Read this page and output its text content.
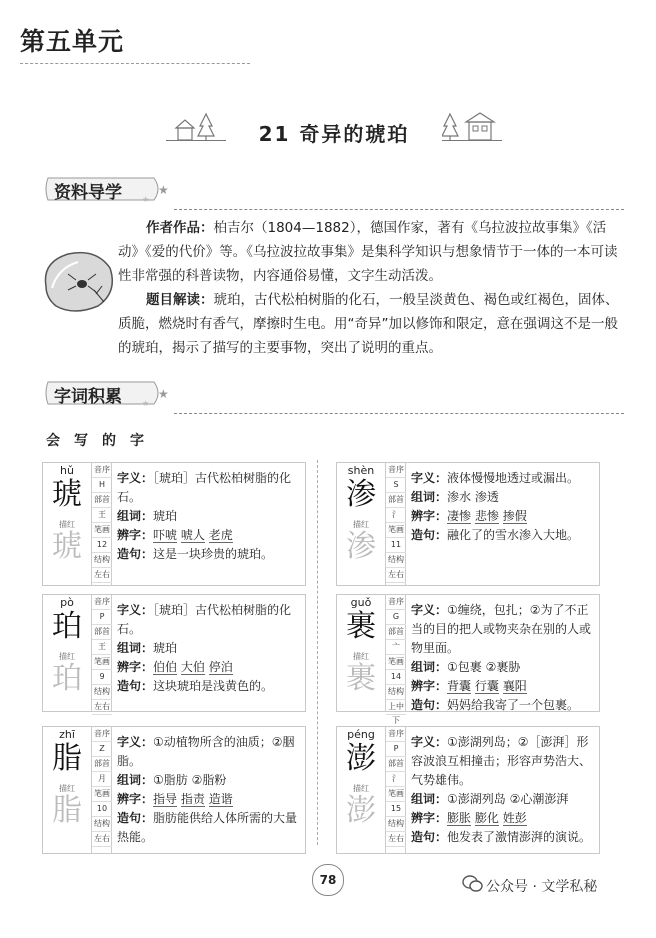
第五单元
21 奇异的琥珀
★
★
资料导学
作者作品：柏吉尔（1804—1882），德国作家，著有《乌拉波拉故事集》《活动》《爱的代价》等。《乌拉波拉故事集》是集科学知识与想象情节于一体的一本可读性非常强的科普读物，内容通俗易懂，文字生动活泼。
题目解读：琥珀，古代松柏树脂的化石，一般呈淡黄色、褐色或红褐色，固体、质脆，燃烧时有香气，摩擦时生电。用“奇异”加以修饰和限定，意在强调这不是一般的琥珀，揭示了描写的主要事物，突出了说明的重点。
★
★
字词积累
会写的字
hǔ
琥
描红
琥
音序
H
部首
王
笔画
12
结构
左右
字义：［琥珀］古代松柏树脂的化石。
组词：琥珀
辨字：吓唬 唬人 老虎
造句：这是一块珍贵的琥珀。
pò
珀
描红
珀
音序
P
部首
王
笔画
9
结构
左右
字义：［琥珀］古代松柏树脂的化石。
组词：琥珀
辨字：伯伯 大伯 停泊
造句：这块琥珀是浅黄色的。
zhī
脂
描红
脂
音序
Z
部首
月
笔画
10
结构
左右
字义：①动植物所含的油质；②胭脂。
组词：①脂肪 ②脂粉
辨字：指导 指责 造谐
造句：脂肪能供给人体所需的大量热能。
shèn
渗
描红
渗
音序
S
部首
氵
笔画
11
结构
左右
字义：液体慢慢地透过或漏出。
组词：渗水 渗透
辨字：凄惨 悲惨 掺假
造句：融化了的雪水渗入大地。
guǒ
裹
描红
裹
音序
G
部首
亠
笔画
14
结构
上中下
字义：①缠绕，包扎；②为了不正当的目的把人或物夹杂在别的人或物里面。
组词：①包裹 ②裹胁
辨字：背囊 行囊 襄阳
造句：妈妈给我寄了一个包裹。
péng
澎
描红
澎
音序
P
部首
氵
笔画
15
结构
左右
字义：①澎湖列岛；②［澎湃］形容波浪互相撞击；形容声势浩大、气势雄伟。
组词：①澎湖列岛 ②心潮澎湃
辨字：膨胀 膨化 姓彭
造句：他发表了激情澎湃的演说。
78	公众号 · 文学私秘
